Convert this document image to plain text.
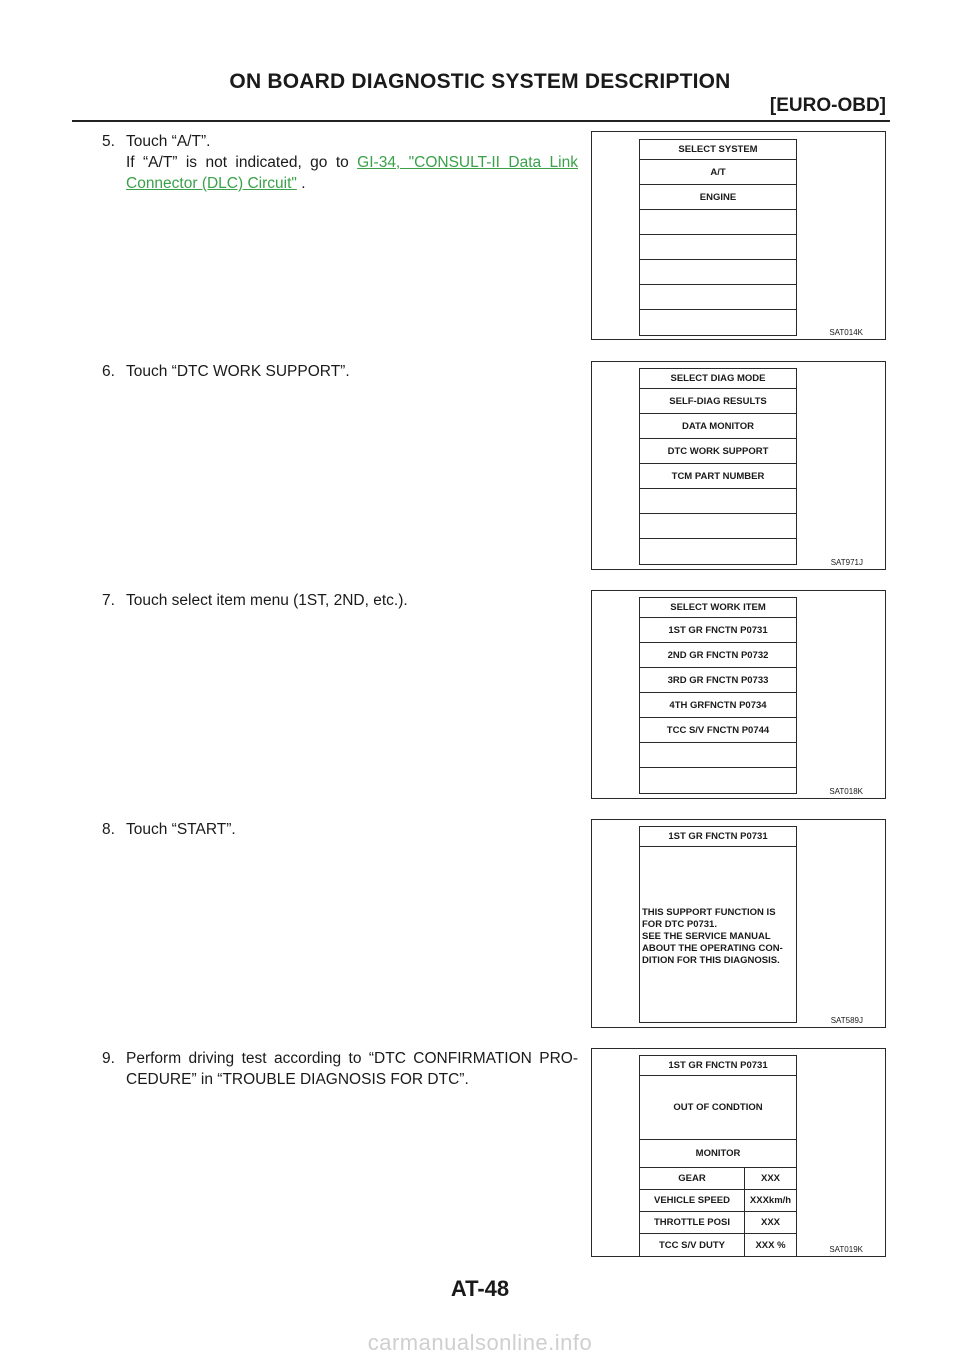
ON BOARD DIAGNOSTIC SYSTEM DESCRIPTION
[EURO-OBD]
5. Touch “A/T”.
If “A/T” is not indicated, go to GI-34, "CONSULT-II Data Link Connector (DLC) Circuit" .
6. Touch “DTC WORK SUPPORT”.
7. Touch select item menu (1ST, 2ND, etc.).
8. Touch “START”.
9. Perform driving test according to “DTC CONFIRMATION PRO-CEDURE” in “TROUBLE DIAGNOSIS FOR DTC”.
SELECT SYSTEM
A/T
ENGINE
SAT014K
SELECT DIAG MODE
SELF-DIAG RESULTS
DATA MONITOR
DTC WORK SUPPORT
TCM PART NUMBER
SAT971J
SELECT WORK ITEM
1ST GR FNCTN P0731
2ND GR FNCTN P0732
3RD GR FNCTN P0733
4TH GRFNCTN P0734
TCC S/V FNCTN P0744
SAT018K
1ST GR FNCTN P0731
THIS SUPPORT FUNCTION IS
FOR DTC P0731.
SEE THE SERVICE MANUAL
ABOUT THE OPERATING CON-
DITION FOR THIS DIAGNOSIS.
SAT589J
1ST GR FNCTN P0731
OUT OF CONDTION
MONITOR
GEAR	XXX
VEHICLE SPEED	XXXkm/h
THROTTLE POSI	XXX
TCC S/V DUTY	XXX %	SAT019K
AT-48
carmanualsonline.info
